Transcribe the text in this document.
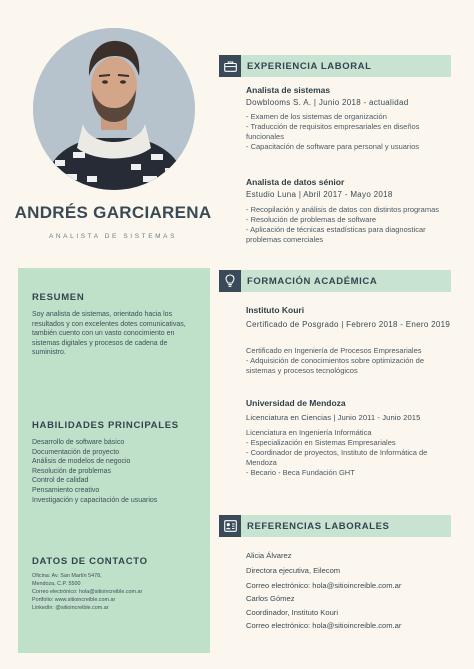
ANDRÉS GARCIARENA
ANALISTA DE SISTEMAS
RESUMEN
Soy analista de sistemas, orientado hacia los resultados y con excelentes dotes comunicativas, también cuento con un vasto conocimiento en sistemas digitales y procesos de cadena de suministro.
HABILIDADES PRINCIPALES
Desarrollo de software básico
Documentación de proyecto
Análisis de modelos de negocio
Resolución de problemas
Control de calidad
Pensamiento creativo
Investigación y capacitación de usuarios
DATOS DE CONTACTO
Oficina: Av. San Martín 5478,
Mendoza, C.P. 5500
Correo electrónico: hola@sitioincreible.com.ar
Portfolio: www.sitioincreible.com.ar
LinkedIn: @sitioincreible.com.ar
EXPERIENCIA LABORAL
Analista de sistemas
Dowblooms S. A. | Junio 2018 - actualidad
- Examen de los sistemas de organización
- Traducción de requisitos empresariales en diseños funcionales
- Capacitación de software para personal y usuarios
Analista de datos sénior
Estudio Luna | Abril 2017 - Mayo 2018
- Recopilación y análisis de datos con distintos programas
- Resolución de problemas de software
- Aplicación de técnicas estadísticas para diagnosticar problemas comerciales
FORMACIÓN ACADÉMICA
Instituto Kouri
Certificado de Posgrado | Febrero 2018 - Enero 2019
Certificado en Ingeniería de Procesos Empresariales
- Adquisición de conocimientos sobre optimización de sistemas y procesos tecnológicos
Universidad de Mendoza
Licenciatura en Ciencias | Junio 2011 - Junio 2015
Licenciatura en Ingeniería Informática
- Especialización en Sistemas Empresariales
- Coordinador de proyectos, Instituto de Informática de Mendoza
- Becario - Beca Fundación GHT
REFERENCIAS LABORALES
Alicia Álvarez
Directora ejecutiva, Eilecom
Correo electrónico: hola@sitioincreible.com.ar
Carlos Gómez
Coordinador, Instituto Kouri
Correo electrónico: hola@sitioincreible.com.ar
